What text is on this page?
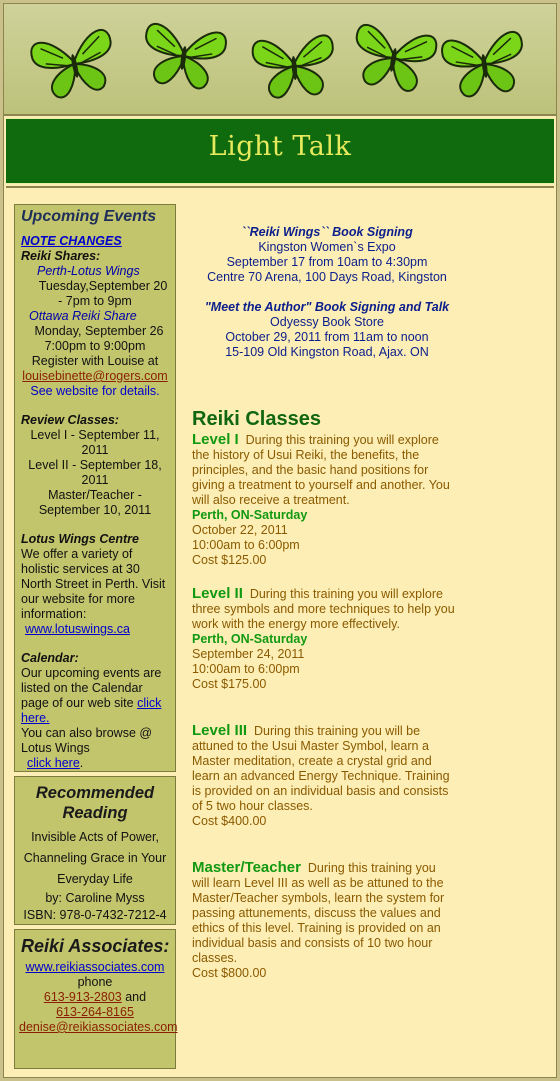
Light Talk
Upcoming Events
NOTE CHANGES
Reiki Shares:
Perth-Lotus Wings
Tuesday,September 20
- 7pm to 9pm
Ottawa Reiki Share
Monday, September 26
7:00pm to 9:00pm
Register with Louise at
louisebinette@rogers.com
See website for details.
Review Classes:
Level I - September 11, 2011
Level II - September 18, 2011
Master/Teacher - September 10, 2011
Lotus Wings Centre
We offer a variety of holistic services at 30 North Street in Perth. Visit our website for more information:
www.lotuswings.ca
Calendar:
Our upcoming events are listed on the Calendar page of our web site click here.
You can also browse @ Lotus Wings
click here.
Recommended Reading
Invisible Acts of Power, Channeling Grace in Your Everyday Life
by: Caroline Myss
ISBN: 978-0-7432-7212-4
Reiki Associates:
www.reikiassociates.com
phone
613-913-2803 and
613-264-8165
denise@reikiassociates.com
``Reiki Wings`` Book Signing
Kingston Women`s Expo
September 17 from 10am to 4:30pm
Centre 70 Arena, 100 Days Road, Kingston
"Meet the Author" Book Signing and Talk
Odyessy Book Store
October 29, 2011 from 11am to noon
15-109 Old Kingston Road, Ajax. ON
Reiki Classes
Level I During this training you will explore the history of Usui Reiki, the benefits, the principles, and the basic hand positions for giving a treatment to yourself and another. You will also receive a treatment.
Perth, ON-Saturday
October 22, 2011
10:00am to 6:00pm
Cost $125.00
Level II During this training you will explore three symbols and more techniques to help you work with the energy more effectively.
Perth, ON-Saturday
September 24, 2011
10:00am to 6:00pm
Cost $175.00
Level III During this training you will be attuned to the Usui Master Symbol, learn a Master meditation, create a crystal grid and learn an advanced Energy Technique. Training is provided on an individual basis and consists of 5 two hour classes.
Cost $400.00
Master/Teacher During this training you will learn Level III as well as be attuned to the Master/Teacher symbols, learn the system for passing attunements, discuss the values and ethics of this level. Training is provided on an individual basis and consists of 10 two hour classes.
Cost $800.00
